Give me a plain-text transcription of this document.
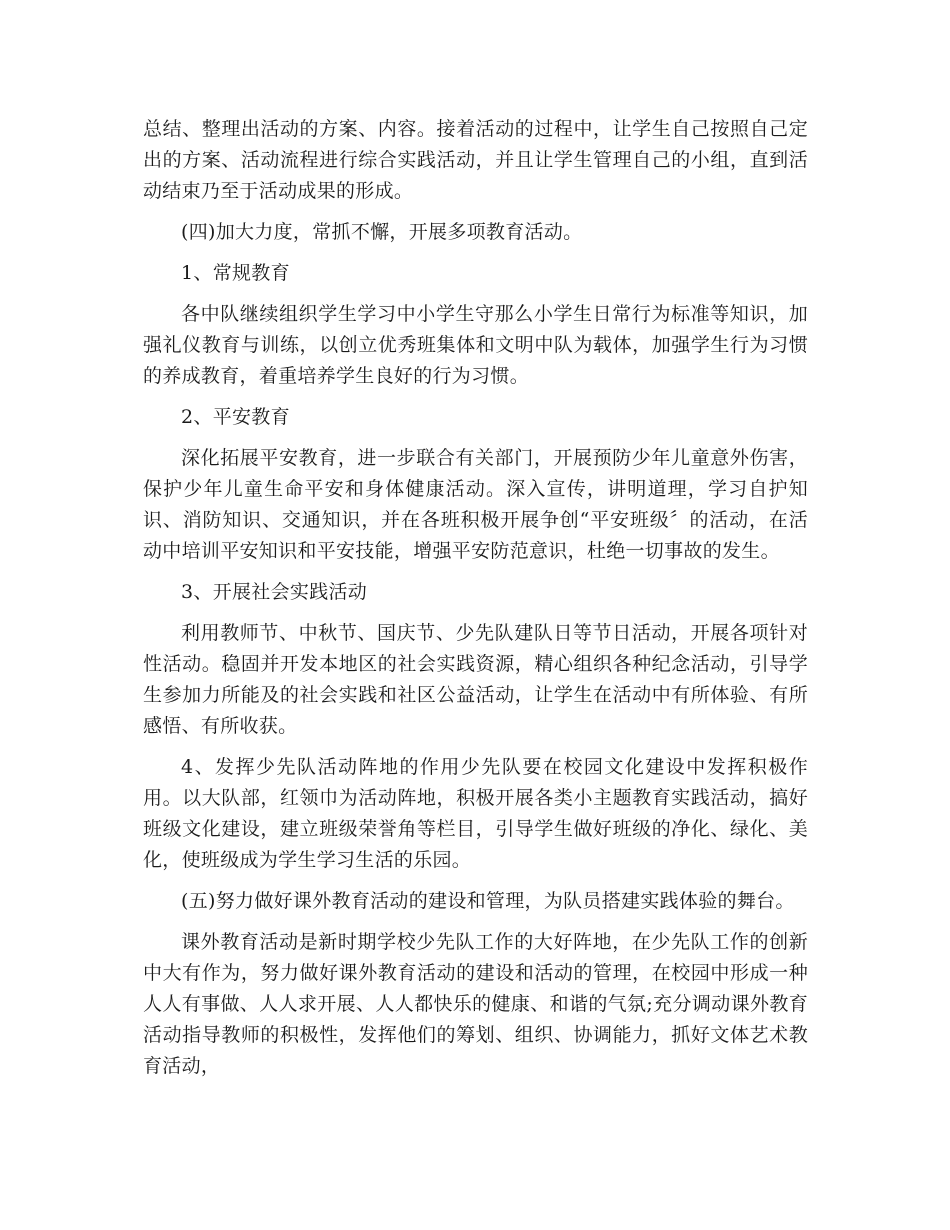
总结、整理出活动的方案、内容。接着活动的过程中，让学生自己按照自己定出的方案、活动流程进行综合实践活动，并且让学生管理自己的小组，直到活动结束乃至于活动成果的形成。

(四)加大力度，常抓不懈，开展多项教育活动。

1、常规教育

各中队继续组织学生学习中小学生守那么小学生日常行为标准等知识，加强礼仪教育与训练，以创立优秀班集体和文明中队为载体，加强学生行为习惯的养成教育，着重培养学生良好的行为习惯。

2、平安教育

深化拓展平安教育，进一步联合有关部门，开展预防少年儿童意外伤害，保护少年儿童生命平安和身体健康活动。深入宣传，讲明道理，学习自护知识、消防知识、交通知识，并在各班积极开展争创“平安班级〞的活动，在活动中培训平安知识和平安技能，增强平安防范意识，杜绝一切事故的发生。

3、开展社会实践活动

利用教师节、中秋节、国庆节、少先队建队日等节日活动，开展各项针对性活动。稳固并开发本地区的社会实践资源，精心组织各种纪念活动，引导学生参加力所能及的社会实践和社区公益活动，让学生在活动中有所体验、有所感悟、有所收获。

4、发挥少先队活动阵地的作用少先队要在校园文化建设中发挥积极作用。以大队部，红领巾为活动阵地，积极开展各类小主题教育实践活动，搞好班级文化建设，建立班级荣誉角等栏目，引导学生做好班级的净化、绿化、美化，使班级成为学生学习生活的乐园。

(五)努力做好课外教育活动的建设和管理，为队员搭建实践体验的舞台。

课外教育活动是新时期学校少先队工作的大好阵地，在少先队工作的创新中大有作为，努力做好课外教育活动的建设和活动的管理，在校园中形成一种人人有事做、人人求开展、人人都快乐的健康、和谐的气氛;充分调动课外教育活动指导教师的积极性，发挥他们的筹划、组织、协调能力，抓好文体艺术教育活动，
